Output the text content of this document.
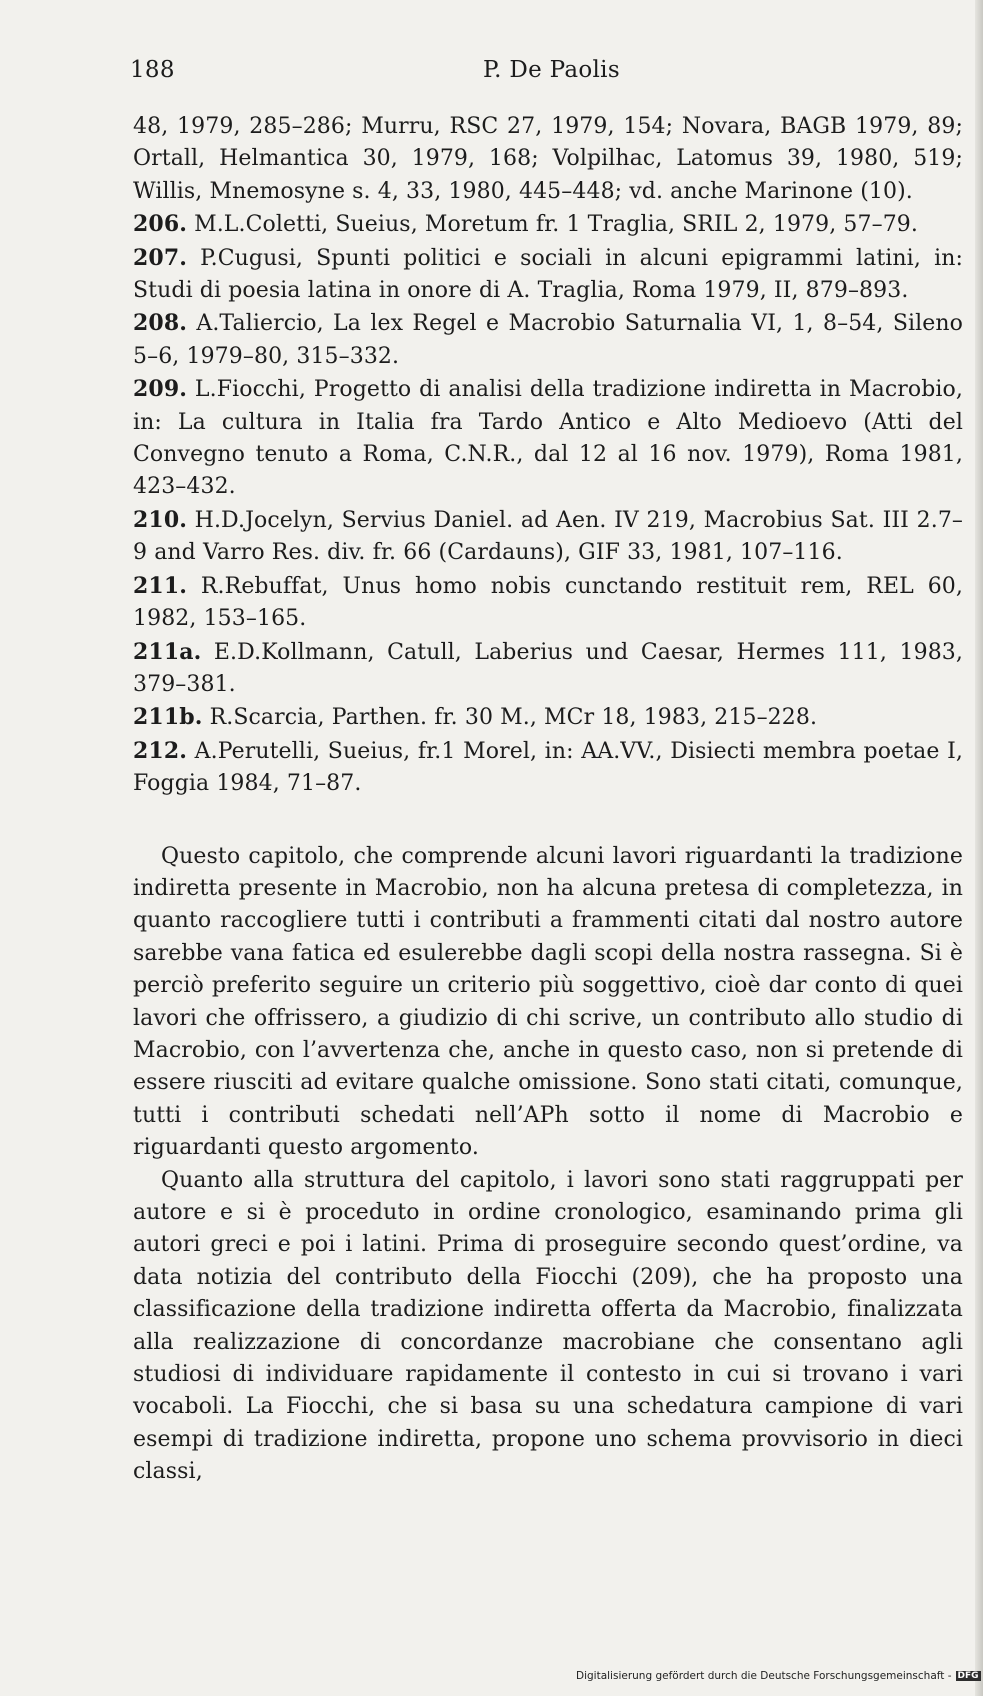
188	P. De Paolis

48, 1979, 285–286; Murru, RSC 27, 1979, 154; Novara, BAGB 1979, 89; Ortall, Helmantica 30, 1979, 168; Volpilhac, Latomus 39, 1980, 519; Willis, Mnemosyne s. 4, 33, 1980, 445–448; vd. anche Marinone (10).

206. M.L.Coletti, Sueius, Moretum fr. 1 Traglia, SRIL 2, 1979, 57–79.

207. P.Cugusi, Spunti politici e sociali in alcuni epigrammi latini, in: Studi di poesia latina in onore di A. Traglia, Roma 1979, II, 879–893.

208. A.Taliercio, La lex Regel e Macrobio Saturnalia VI, 1, 8–54, Sileno 5–6, 1979–80, 315–332.

209. L.Fiocchi, Progetto di analisi della tradizione indiretta in Macrobio, in: La cultura in Italia fra Tardo Antico e Alto Medioevo (Atti del Convegno tenuto a Roma, C.N.R., dal 12 al 16 nov. 1979), Roma 1981, 423–432.

210. H.D.Jocelyn, Servius Daniel. ad Aen. IV 219, Macrobius Sat. III 2.7–9 and Varro Res. div. fr. 66 (Cardauns), GIF 33, 1981, 107–116.

211. R.Rebuffat, Unus homo nobis cunctando restituit rem, REL 60, 1982, 153–165.

211a. E.D.Kollmann, Catull, Laberius und Caesar, Hermes 111, 1983, 379–381.

211b. R.Scarcia, Parthen. fr. 30 M., MCr 18, 1983, 215–228.

212. A.Perutelli, Sueius, fr.1 Morel, in: AA.VV., Disiecti membra poetae I, Foggia 1984, 71–87.

Questo capitolo, che comprende alcuni lavori riguardanti la tradizione indiretta presente in Macrobio, non ha alcuna pretesa di completezza, in quanto raccogliere tutti i contributi a frammenti citati dal nostro autore sarebbe vana fatica ed esulerebbe dagli scopi della nostra rassegna. Si è perciò preferito seguire un criterio più soggettivo, cioè dar conto di quei lavori che offrissero, a giudizio di chi scrive, un contributo allo studio di Macrobio, con l’avvertenza che, anche in questo caso, non si pretende di essere riusciti ad evitare qualche omissione. Sono stati citati, comunque, tutti i contributi schedati nell’APh sotto il nome di Macrobio e riguardanti questo argomento.

Quanto alla struttura del capitolo, i lavori sono stati raggruppati per autore e si è proceduto in ordine cronologico, esaminando prima gli autori greci e poi i latini. Prima di proseguire secondo quest’ordine, va data notizia del contributo della Fiocchi (209), che ha proposto una classificazione della tradizione indiretta offerta da Macrobio, finalizzata alla realizzazione di concordanze macrobiane che consentano agli studiosi di individuare rapidamente il contesto in cui si trovano i vari vocaboli. La Fiocchi, che si basa su una schedatura campione di vari esempi di tradizione indiretta, propone uno schema provvisorio in dieci classi,

Digitalisierung gefördert durch die Deutsche Forschungsgemeinschaft - DFG
